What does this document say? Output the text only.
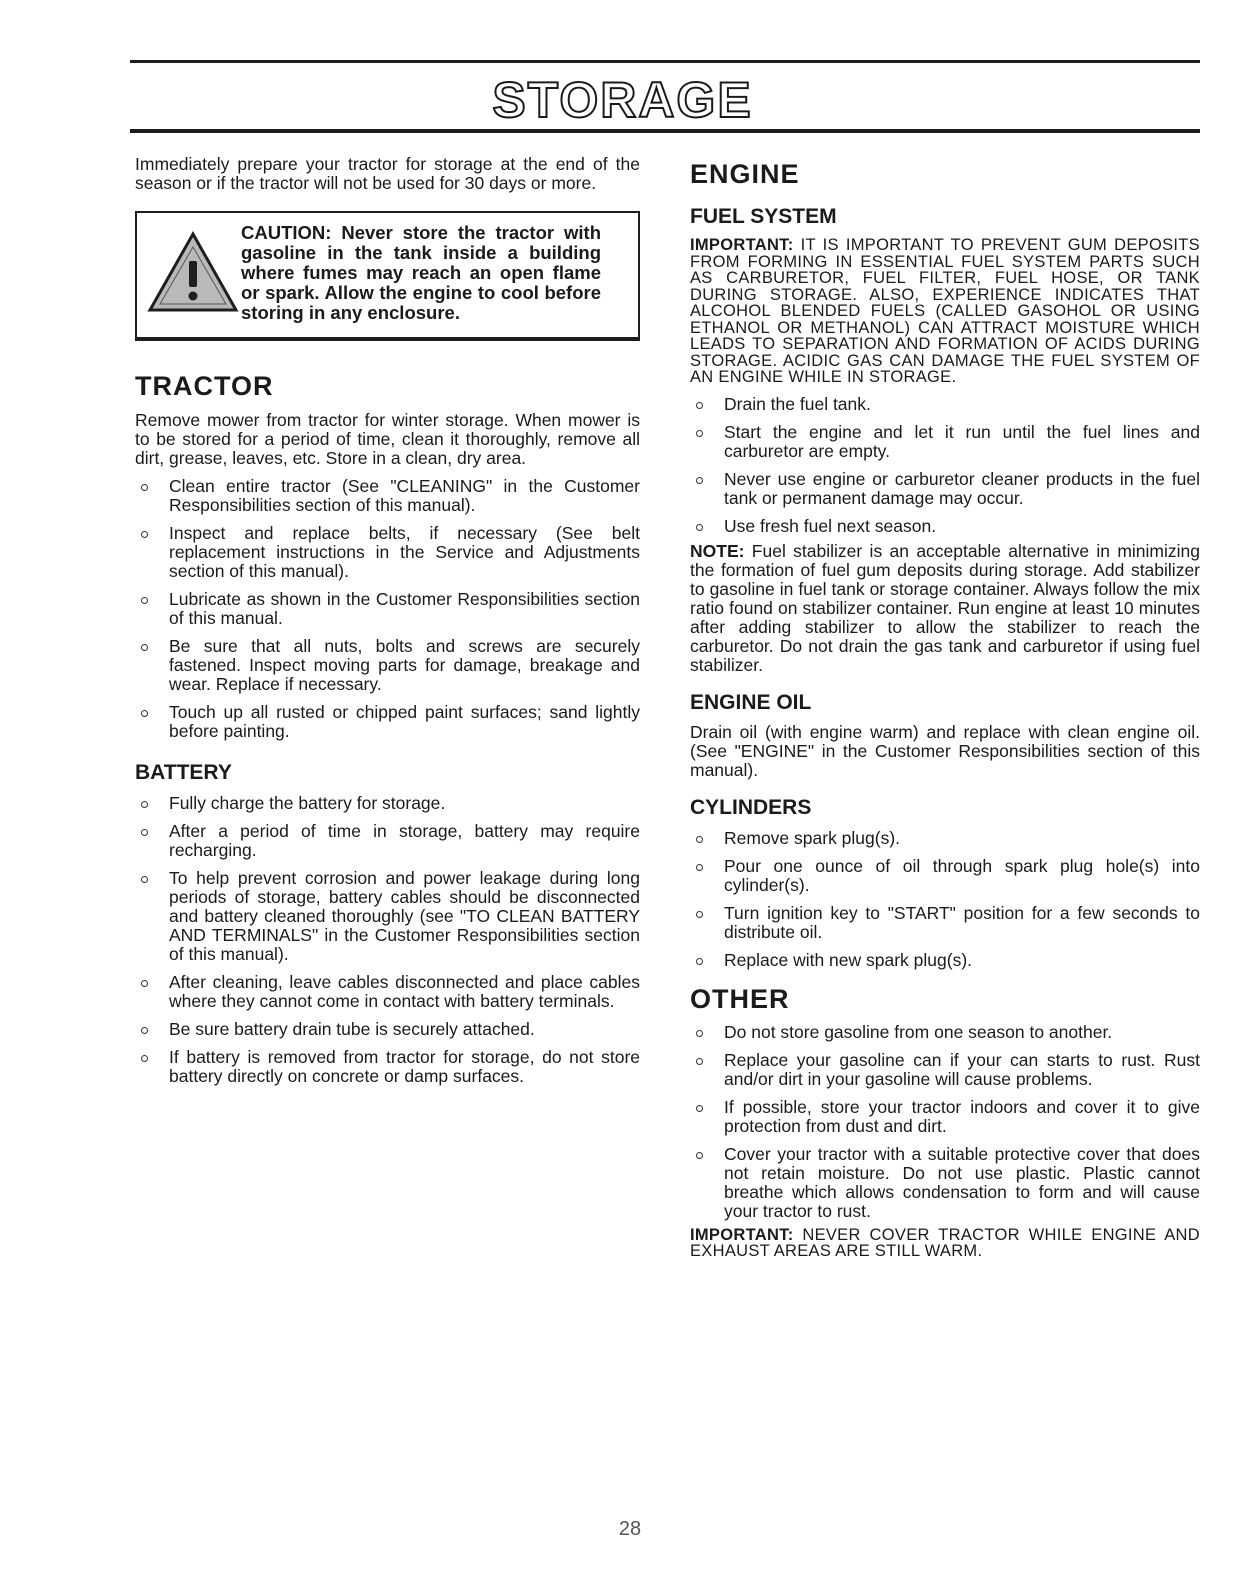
STORAGE

Immediately prepare your tractor for storage at the end of the season or if the tractor will not be used for 30 days or more.

CAUTION: Never store the tractor with gasoline in the tank inside a building where fumes may reach an open flame or spark. Allow the engine to cool before storing in any enclosure.

TRACTOR

Remove mower from tractor for winter storage. When mower is to be stored for a period of time, clean it thoroughly, remove all dirt, grease, leaves, etc. Store in a clean, dry area.

Clean entire tractor (See "CLEANING" in the Customer Responsibilities section of this manual).
Inspect and replace belts, if necessary (See belt replacement instructions in the Service and Adjustments section of this manual).
Lubricate as shown in the Customer Responsibilities section of this manual.
Be sure that all nuts, bolts and screws are securely fastened. Inspect moving parts for damage, breakage and wear. Replace if necessary.
Touch up all rusted or chipped paint surfaces; sand lightly before painting.
BATTERY
Fully charge the battery for storage.
After a period of time in storage, battery may require recharging.
To help prevent corrosion and power leakage during long periods of storage, battery cables should be disconnected and battery cleaned thoroughly (see "TO CLEAN BATTERY AND TERMINALS" in the Customer Responsibilities section of this manual).
After cleaning, leave cables disconnected and place cables where they cannot come in contact with battery terminals.
Be sure battery drain tube is securely attached.
If battery is removed from tractor for storage, do not store battery directly on concrete or damp surfaces.
ENGINE
FUEL SYSTEM

IMPORTANT: IT IS IMPORTANT TO PREVENT GUM DEPOSITS FROM FORMING IN ESSENTIAL FUEL SYSTEM PARTS SUCH AS CARBURETOR, FUEL FILTER, FUEL HOSE, OR TANK DURING STORAGE. ALSO, EXPERIENCE INDICATES THAT ALCOHOL BLENDED FUELS (CALLED GASOHOL OR USING ETHANOL OR METHANOL) CAN ATTRACT MOISTURE WHICH LEADS TO SEPARATION AND FORMATION OF ACIDS DURING STORAGE. ACIDIC GAS CAN DAMAGE THE FUEL SYSTEM OF AN ENGINE WHILE IN STORAGE.

Drain the fuel tank.
Start the engine and let it run until the fuel lines and carburetor are empty.
Never use engine or carburetor cleaner products in the fuel tank or permanent damage may occur.
Use fresh fuel next season.

NOTE: Fuel stabilizer is an acceptable alternative in minimizing the formation of fuel gum deposits during storage. Add stabilizer to gasoline in fuel tank or storage container. Always follow the mix ratio found on stabilizer container. Run engine at least 10 minutes after adding stabilizer to allow the stabilizer to reach the carburetor. Do not drain the gas tank and carburetor if using fuel stabilizer.

ENGINE OIL

Drain oil (with engine warm) and replace with clean engine oil. (See "ENGINE" in the Customer Responsibilities section of this manual).

CYLINDERS
Remove spark plug(s).
Pour one ounce of oil through spark plug hole(s) into cylinder(s).
Turn ignition key to "START" position for a few seconds to distribute oil.
Replace with new spark plug(s).
OTHER
Do not store gasoline from one season to another.
Replace your gasoline can if your can starts to rust. Rust and/or dirt in your gasoline will cause problems.
If possible, store your tractor indoors and cover it to give protection from dust and dirt.
Cover your tractor with a suitable protective cover that does not retain moisture. Do not use plastic. Plastic cannot breathe which allows condensation to form and will cause your tractor to rust.

IMPORTANT: NEVER COVER TRACTOR WHILE ENGINE AND EXHAUST AREAS ARE STILL WARM.

28
